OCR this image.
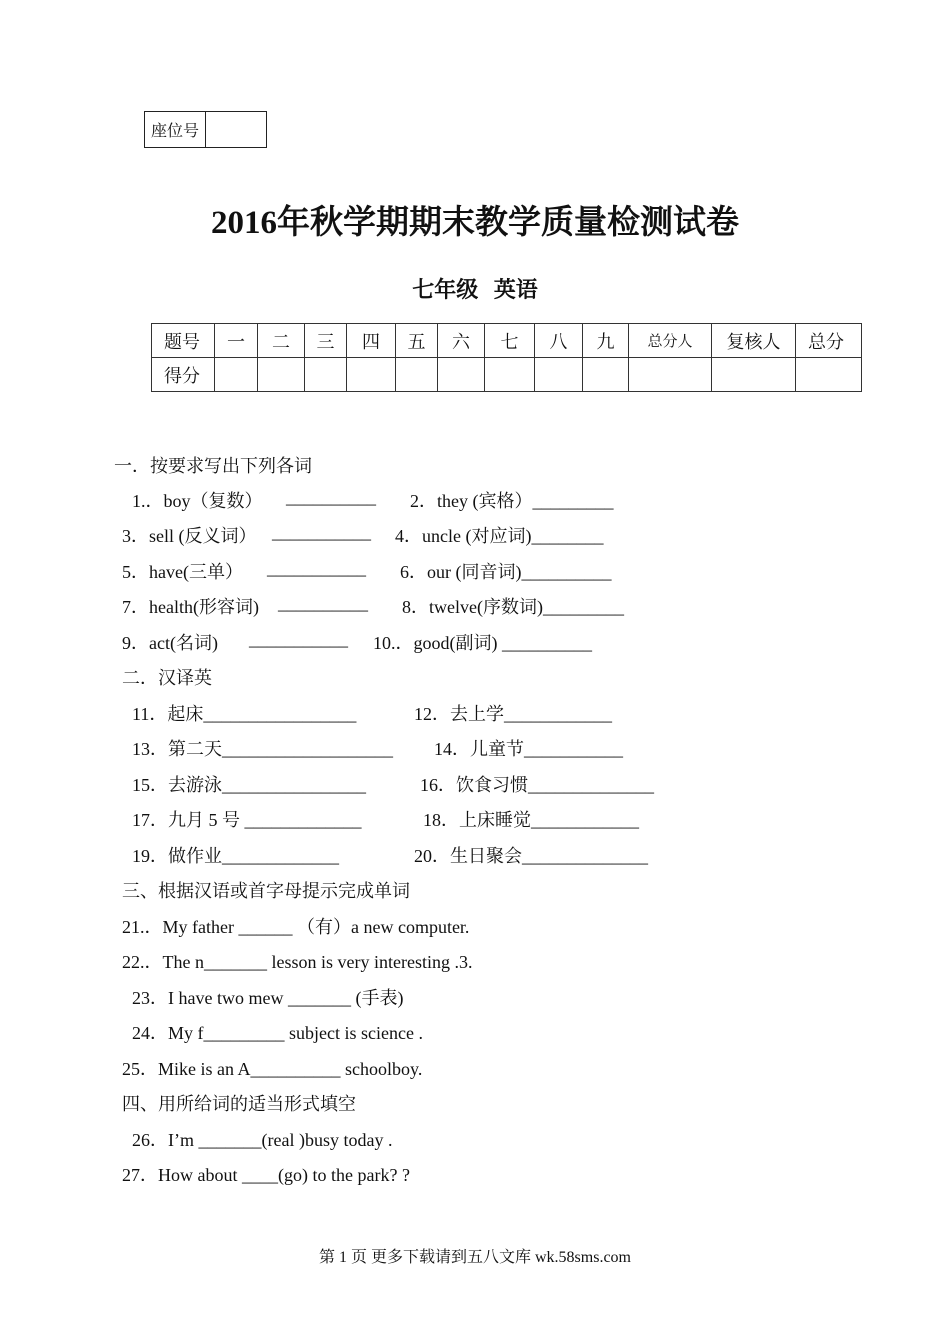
座位号	
2016年秋学期期末教学质量检测试卷
七年级 英语
题号	一	二	三	四	五	六	七	八	九	总分人	复核人	总分
得分												
一．按要求写出下列各词
1.．boy（复数） __________ 2．they (宾格）_________
3．sell (反义词） ___________ 4．uncle (对应词)________
5．have(三单） ___________ 6．our (同音词)__________
7．health(形容词) __________ 8．twelve(序数词)_________
9．act(名词) ___________ 10.．good(副词) __________
二．汉译英
11．起床_________________	12．去上学____________
13．第二天___________________ 14．儿童节___________
15．去游泳________________	16．饮食习惯______________
17．九月 5 号 _____________	18．上床睡觉____________
19．做作业_____________	20．生日聚会______________
三、根据汉语或首字母提示完成单词
21.．My father ______ （有）a new computer.
22.．The n_______ lesson is very interesting .3.
23．I have two mew _______ (手表)
24．My f_________ subject is science .
25．Mike is an A__________ schoolboy.
四、用所给词的适当形式填空
26．I’m _______(real )busy today .
27．How about ____(go) to the park? ?
第 1 页 更多下载请到五八文库 wk.58sms.com
